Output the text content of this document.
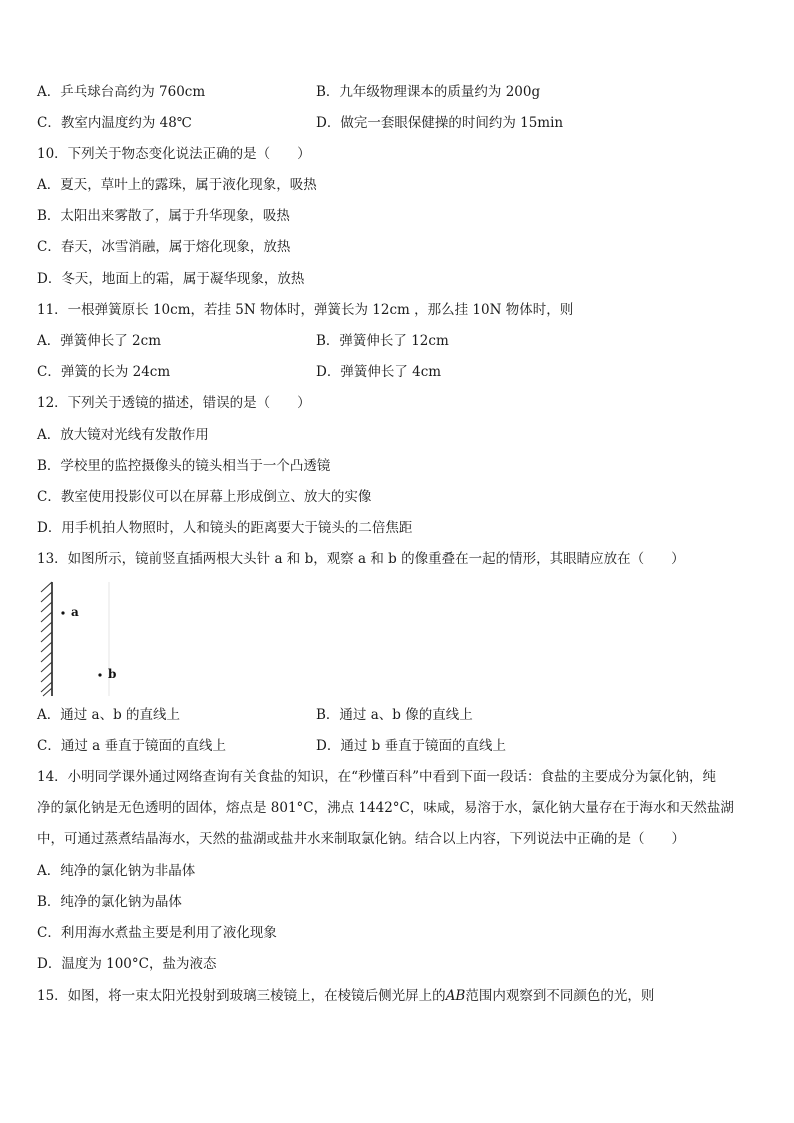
A．乒乓球台高约为 760cm	B．九年级物理课本的质量约为 200g
C．教室内温度约为 48℃	D．做完一套眼保健操的时间约为 15min
10．下列关于物态变化说法正确的是（　　）
A．夏天，草叶上的露珠，属于液化现象，吸热
B．太阳出来雾散了，属于升华现象，吸热
C．春天，冰雪消融，属于熔化现象，放热
D．冬天，地面上的霜，属于凝华现象，放热
11．一根弹簧原长 10cm，若挂 5N 物体时，弹簧长为 12cm ，那么挂 10N 物体时，则
A．弹簧伸长了 2cm	B．弹簧伸长了 12cm
C．弹簧的长为 24cm	D．弹簧伸长了 4cm
12．下列关于透镜的描述，错误的是（　　）
A．放大镜对光线有发散作用
B．学校里的监控摄像头的镜头相当于一个凸透镜
C．教室使用投影仪可以在屏幕上形成倒立、放大的实像
D．用手机拍人物照时，人和镜头的距离要大于镜头的二倍焦距
13．如图所示，镜前竖直插两根大头针 a 和 b，观察 a 和 b 的像重叠在一起的情形，其眼睛应放在（　　）
a
b
A．通过 a、b 的直线上	B．通过 a、b 像的直线上
C．通过 a 垂直于镜面的直线上	D．通过 b 垂直于镜面的直线上
14．小明同学课外通过网络查询有关食盐的知识，在“秒懂百科”中看到下面一段话：食盐的主要成分为氯化钠，纯
净的氯化钠是无色透明的固体，熔点是 801°C，沸点 1442°C，味咸，易溶于水，氯化钠大量存在于海水和天然盐湖
中，可通过蒸煮结晶海水，天然的盐湖或盐井水来制取氯化钠。结合以上内容，下列说法中正确的是（　　）
A．纯净的氯化钠为非晶体
B．纯净的氯化钠为晶体
C．利用海水煮盐主要是利用了液化现象
D．温度为 100°C，盐为液态
15．如图，将一束太阳光投射到玻璃三棱镜上，在棱镜后侧光屏上的AB范围内观察到不同颜色的光，则
